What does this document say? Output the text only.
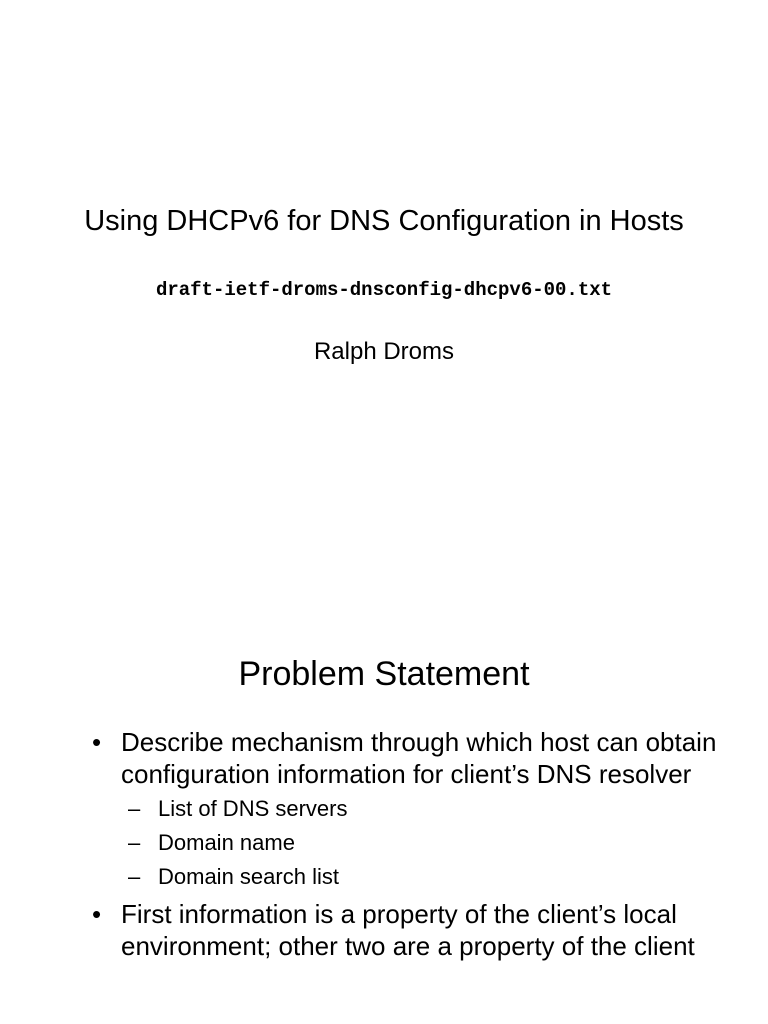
Using DHCPv6 for DNS Configuration in Hosts
draft-ietf-droms-dnsconfig-dhcpv6-00.txt
Ralph Droms
Problem Statement
• Describe mechanism through which host can obtain configuration information for client’s DNS resolver
– List of DNS servers
– Domain name
– Domain search list
• First information is a property of the client’s local environment; other two are a property of the client
